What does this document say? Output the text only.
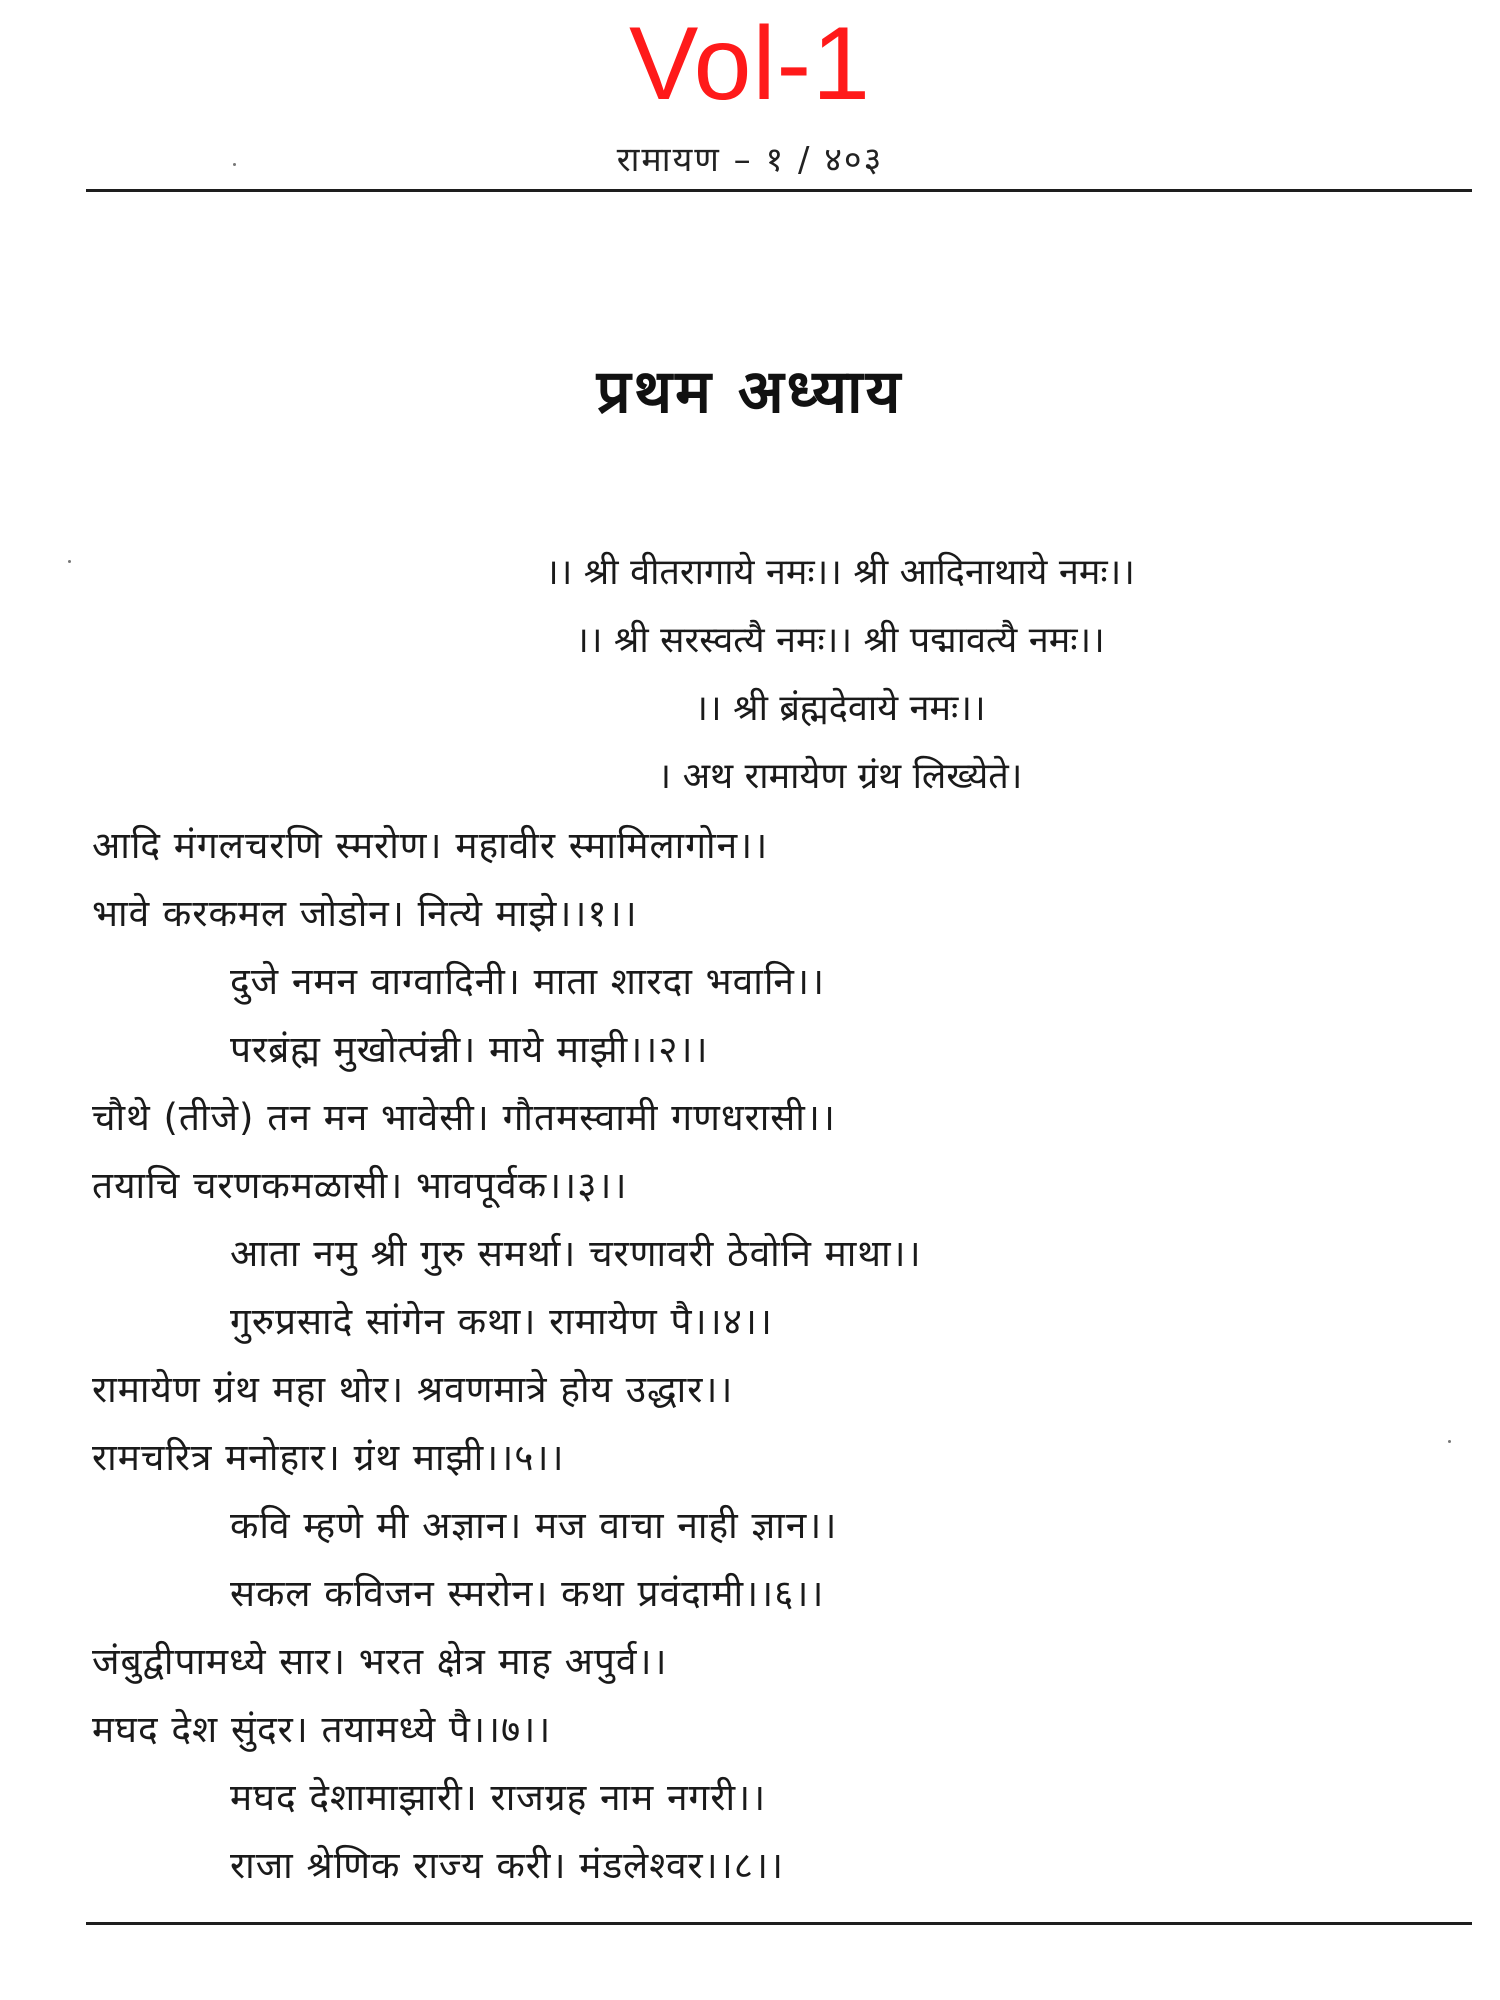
Vol-1
रामायण – १ / ४०३
प्रथम अध्याय
।। श्री वीतरागाये नमः।। श्री आदिनाथाये नमः।।
।। श्री सरस्वत्यै नमः।। श्री पद्मावत्यै नमः।।
।। श्री ब्रंह्मदेवाये नमः।।
। अथ रामायेण ग्रंथ लिख्येते।
आदि मंगलचरणि स्मरोण। महावीर स्मामिलागोन।।
भावे करकमल जोडोन। नित्ये माझे।।१।।
दुजे नमन वाग्वादिनी। माता शारदा भवानि।।
परब्रंह्म मुखोत्पंन्नी। माये माझी।।२।।
चौथे (तीजे) तन मन भावेसी। गौतमस्वामी गणधरासी।।
तयाचि चरणकमळासी। भावपूर्वक।।३।।
आता नमु श्री गुरु समर्था। चरणावरी ठेवोनि माथा।।
गुरुप्रसादे सांगेन कथा। रामायेण पै।।४।।
रामायेण ग्रंथ महा थोर। श्रवणमात्रे होय उद्धार।।
रामचरित्र मनोहार। ग्रंथ माझी।।५।।
कवि म्हणे मी अज्ञान। मज वाचा नाही ज्ञान।।
सकल कविजन स्मरोन। कथा प्रवंदामी।।६।।
जंबुद्वीपामध्ये सार। भरत क्षेत्र माह अपुर्व।।
मघद देश सुंदर। तयामध्ये पै।।७।।
मघद देशामाझारी। राजग्रह नाम नगरी।।
राजा श्रेणिक राज्य करी। मंडलेश्वर।।८।।
